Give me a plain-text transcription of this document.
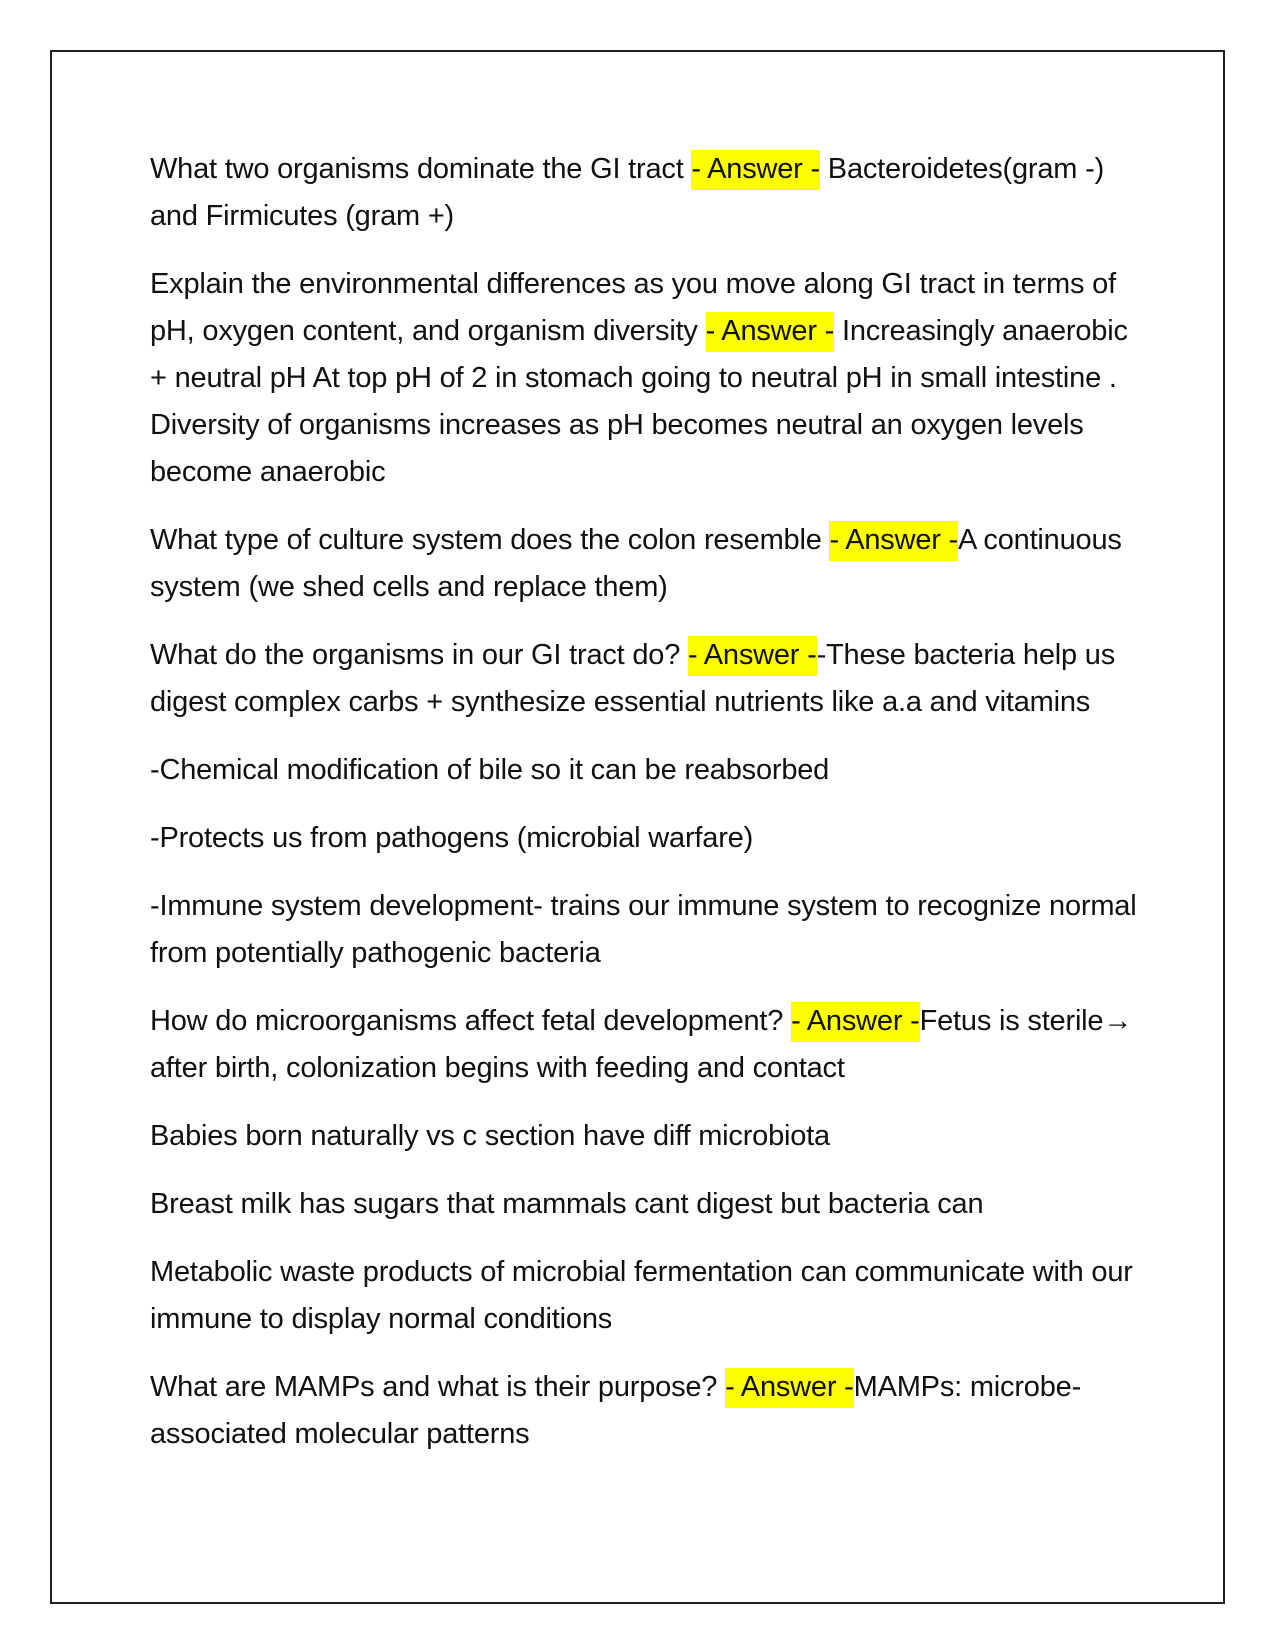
What two organisms dominate the GI tract - Answer - Bacteroidetes(gram -) and Firmicutes (gram +)

Explain the environmental differences as you move along GI tract in terms of pH, oxygen content, and organism diversity - Answer - Increasingly anaerobic + neutral pH At top pH of 2 in stomach going to neutral pH in small intestine . Diversity of organisms increases as pH becomes neutral an oxygen levels become anaerobic

What type of culture system does the colon resemble - Answer -A continuous system (we shed cells and replace them)

What do the organisms in our GI tract do? - Answer --These bacteria help us digest complex carbs + synthesize essential nutrients like a.a and vitamins

-Chemical modification of bile so it can be reabsorbed

-Protects us from pathogens (microbial warfare)

-Immune system development- trains our immune system to recognize normal from potentially pathogenic bacteria

How do microorganisms affect fetal development? - Answer -Fetus is sterile→ after birth, colonization begins with feeding and contact

Babies born naturally vs c section have diff microbiota

Breast milk has sugars that mammals cant digest but bacteria can

Metabolic waste products of microbial fermentation can communicate with our immune to display normal conditions

What are MAMPs and what is their purpose? - Answer -MAMPs: microbe-associated molecular patterns
